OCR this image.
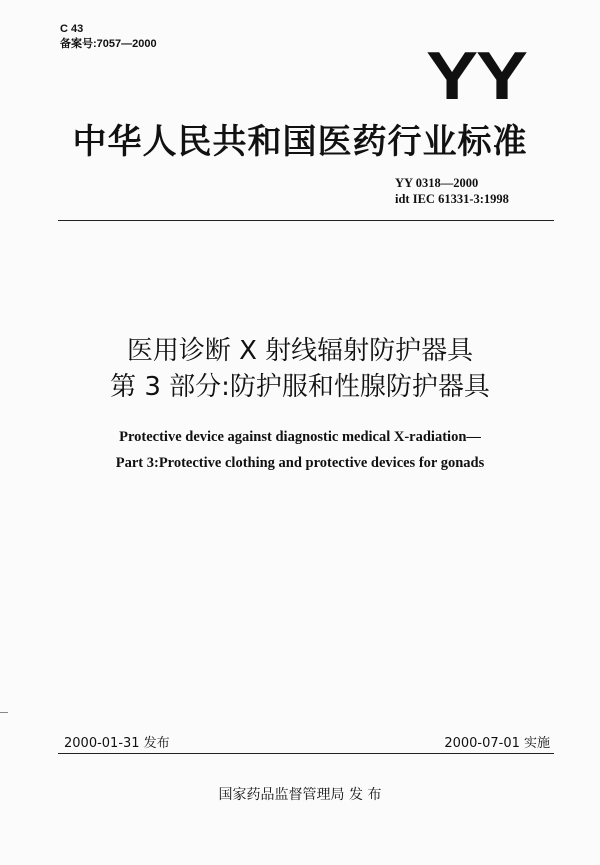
C 43
备案号:7057—2000	YY
中华人民共和国医药行业标准
YY 0318—2000
idt IEC 61331-3:1998
医用诊断 X 射线辐射防护器具
第 3 部分:防护服和性腺防护器具
Protective device against diagnostic medical X-radiation—
Part 3:Protective clothing and protective devices for gonads
2000-01-31 发布	2000-07-01 实施
国家药品监督管理局 发 布
